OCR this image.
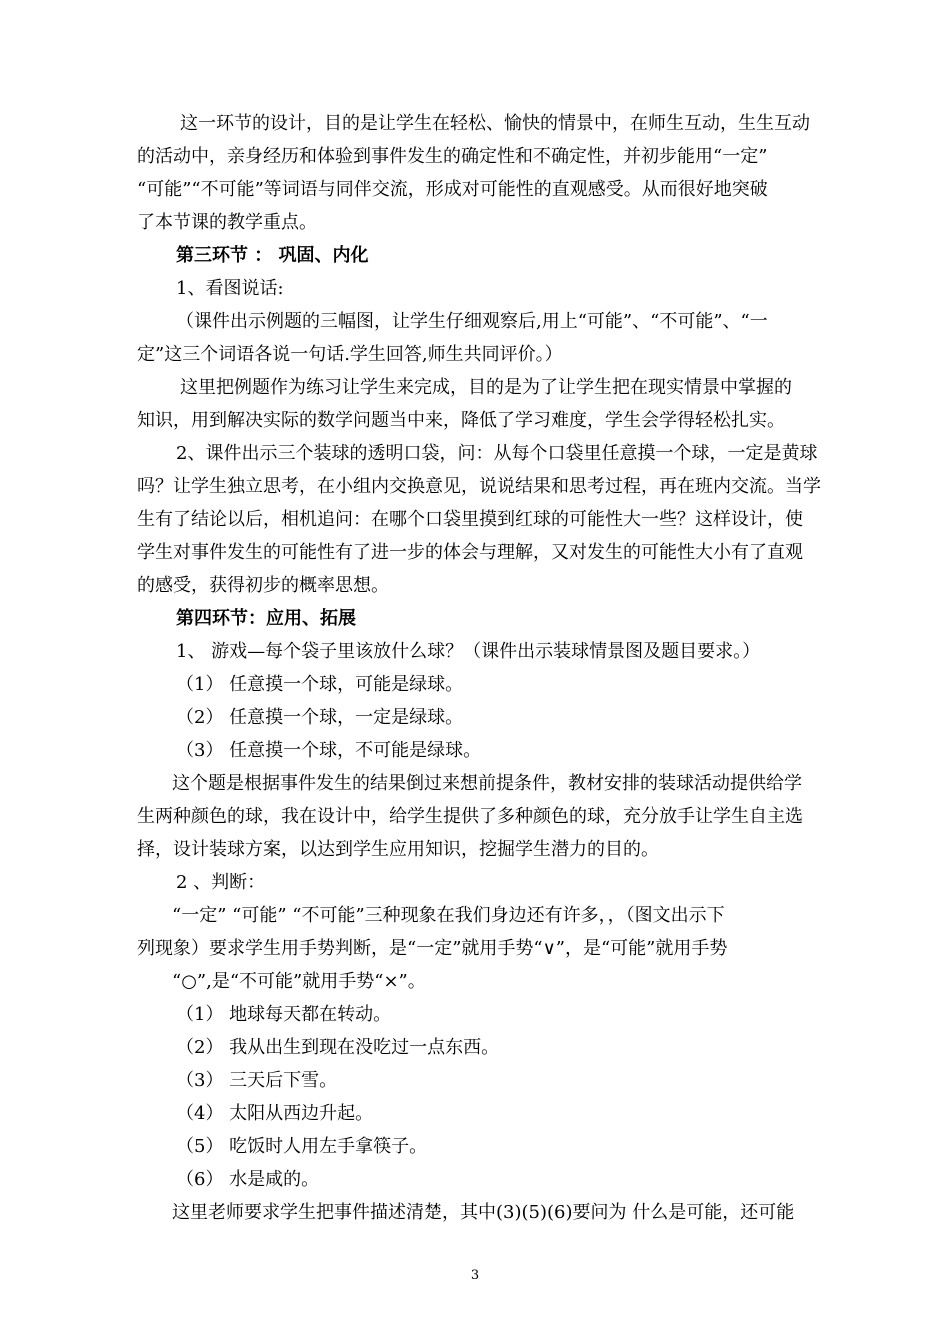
这一环节的设计，目的是让学生在轻松、愉快的情景中，在师生互动，生生互动
的活动中，亲身经历和体验到事件发生的确定性和不确定性，并初步能用“一定”
“可能”“不可能”等词语与同伴交流，形成对可能性的直观感受。从而很好地突破
了本节课的教学重点。
第三环节 ： 巩固、内化
1、看图说话:
（课件出示例题的三幅图，让学生仔细观察后,用上“可能”、“不可能”、“一
定”这三个词语各说一句话.学生回答,师生共同评价。）
这里把例题作为练习让学生来完成，目的是为了让学生把在现实情景中掌握的
知识，用到解决实际的数学问题当中来，降低了学习难度，学生会学得轻松扎实。
2、课件出示三个装球的透明口袋，问：从每个口袋里任意摸一个球，一定是黄球
吗？让学生独立思考，在小组内交换意见，说说结果和思考过程，再在班内交流。当学
生有了结论以后，相机追问：在哪个口袋里摸到红球的可能性大一些？这样设计，使
学生对事件发生的可能性有了进一步的体会与理解，又对发生的可能性大小有了直观
的感受，获得初步的概率思想。
第四环节：应用、拓展
1、 游戏—每个袋子里该放什么球？（课件出示装球情景图及题目要求。）
（1） 任意摸一个球，可能是绿球。
（2） 任意摸一个球，一定是绿球。
（3） 任意摸一个球，不可能是绿球。
这个题是根据事件发生的结果倒过来想前提条件，教材安排的装球活动提供给学
生两种颜色的球，我在设计中，给学生提供了多种颜色的球，充分放手让学生自主选
择，设计装球方案，以达到学生应用知识，挖掘学生潜力的目的。
2 、判断：
“一定” “可能” “不可能”三种现象在我们身边还有许多，，（图文出示下
列现象）要求学生用手势判断，是“一定”就用手势“∨”，是“可能”就用手势
“○”,是“不可能”就用手势“×”。
（1） 地球每天都在转动。
（2） 我从出生到现在没吃过一点东西。
（3） 三天后下雪。
（4） 太阳从西边升起。
（5） 吃饭时人用左手拿筷子。
（6） 水是咸的。
这里老师要求学生把事件描述清楚，其中(3)(5)(6)要问为 什么是可能，还可能
3
